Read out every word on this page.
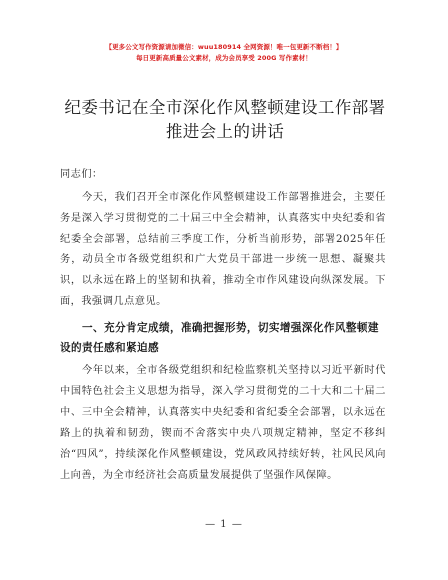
【更多公文写作资源请加微信：wuu180914 全网资源！唯一包更新不断档！】
每日更新高质量公文素材，成为会员享受 200G 写作素材！
纪委书记在全市深化作风整顿建设工作部署推进会上的讲话
同志们：
今天，我们召开全市深化作风整顿建设工作部署推进会，主要任务是深入学习贯彻党的二十届三中全会精神，认真落实中央纪委和省纪委全会部署，总结前三季度工作，分析当前形势，部署2025年任务，动员全市各级党组织和广大党员干部进一步统一思想、凝聚共识，以永远在路上的坚韧和执着，推动全市作风建设向纵深发展。下面，我强调几点意见。
一、充分肯定成绩，准确把握形势，切实增强深化作风整顿建设的责任感和紧迫感
今年以来，全市各级党组织和纪检监察机关坚持以习近平新时代中国特色社会主义思想为指导，深入学习贯彻党的二十大和二十届二中、三中全会精神，认真落实中央纪委和省纪委全会部署，以永远在路上的执着和韧劲，锲而不舍落实中央八项规定精神，坚定不移纠治“四风”，持续深化作风整顿建设，党风政风持续好转，社风民风向上向善，为全市经济社会高质量发展提供了坚强作风保障。
— 1 —
